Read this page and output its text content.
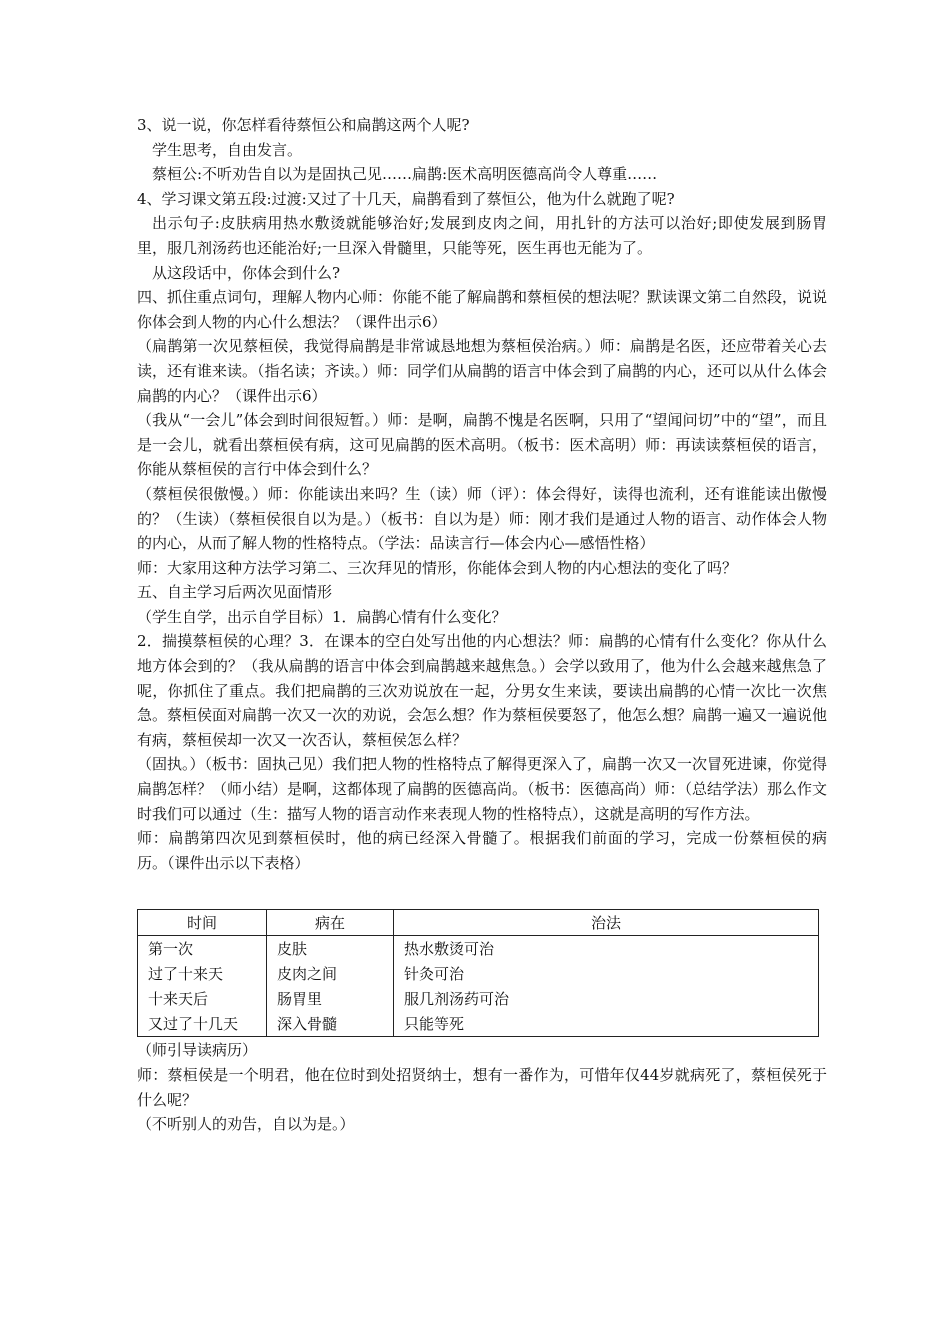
3、说一说，你怎样看待蔡恒公和扁鹊这两个人呢?

学生思考，自由发言。

蔡桓公:不听劝告自以为是固执己见……扁鹊:医术高明医德高尚令人尊重……

4、学习课文第五段:过渡:又过了十几天，扁鹊看到了蔡恒公，他为什么就跑了呢?

出示句子:皮肤病用热水敷烫就能够治好;发展到皮肉之间，用扎针的方法可以治好;即使发展到肠胃里，服几剂汤药也还能治好;一旦深入骨髓里，只能等死，医生再也无能为了。

从这段话中，你体会到什么?

四、抓住重点词句，理解人物内心师：你能不能了解扁鹊和蔡桓侯的想法呢？默读课文第二自然段，说说你体会到人物的内心什么想法？（课件出示6）

（扁鹊第一次见蔡桓侯，我觉得扁鹊是非常诚恳地想为蔡桓侯治病。）师：扁鹊是名医，还应带着关心去读，还有谁来读。（指名读；齐读。）师：同学们从扁鹊的语言中体会到了扁鹊的内心，还可以从什么体会扁鹊的内心？（课件出示6）

（我从“一会儿”体会到时间很短暂。）师：是啊，扁鹊不愧是名医啊，只用了“望闻问切”中的“望”，而且是一会儿，就看出蔡桓侯有病，这可见扁鹊的医术高明。（板书：医术高明）师：再读读蔡桓侯的语言，你能从蔡桓侯的言行中体会到什么？

（蔡桓侯很傲慢。）师：你能读出来吗？生（读）师（评）：体会得好，读得也流利，还有谁能读出傲慢的？（生读）（蔡桓侯很自以为是。）（板书：自以为是）师：刚才我们是通过人物的语言、动作体会人物的内心，从而了解人物的性格特点。（学法：品读言行—体会内心—感悟性格）

师：大家用这种方法学习第二、三次拜见的情形，你能体会到人物的内心想法的变化了吗？

五、自主学习后两次见面情形

（学生自学，出示自学目标）1．扁鹊心情有什么变化？

2．揣摸蔡桓侯的心理？3．在课本的空白处写出他的内心想法？师：扁鹊的心情有什么变化？你从什么地方体会到的？（我从扁鹊的语言中体会到扁鹊越来越焦急。）会学以致用了，他为什么会越来越焦急了呢，你抓住了重点。我们把扁鹊的三次劝说放在一起，分男女生来读，要读出扁鹊的心情一次比一次焦急。蔡桓侯面对扁鹊一次又一次的劝说，会怎么想？作为蔡桓侯要怒了，他怎么想？扁鹊一遍又一遍说他有病，蔡桓侯却一次又一次否认，蔡桓侯怎么样？

（固执。）（板书：固执己见）我们把人物的性格特点了解得更深入了，扁鹊一次又一次冒死进谏，你觉得扁鹊怎样？（师小结）是啊，这都体现了扁鹊的医德高尚。（板书：医德高尚）师：（总结学法）那么作文时我们可以通过（生：描写人物的语言动作来表现人物的性格特点），这就是高明的写作方法。

师：扁鹊第四次见到蔡桓侯时，他的病已经深入骨髓了。根据我们前面的学习，完成一份蔡桓侯的病历。（课件出示以下表格）

时间	病在	治法
第一次	皮肤	热水敷烫可治
过了十来天	皮肉之间	针灸可治
十来天后	肠胃里	服几剂汤药可治
又过了十几天	深入骨髓	只能等死

（师引导读病历）

师：蔡桓侯是一个明君，他在位时到处招贤纳士，想有一番作为，可惜年仅44岁就病死了，蔡桓侯死于什么呢？

（不听别人的劝告，自以为是。）
